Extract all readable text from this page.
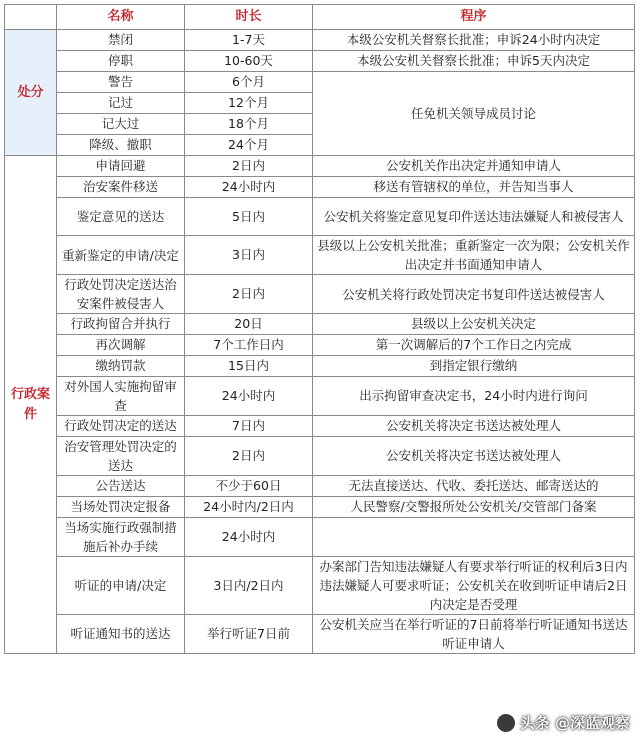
	名称	时长	程序
处分	禁闭	1-7天	本级公安机关督察长批准；申诉24小时内决定
	停职	10-60天	本级公安机关督察长批准；申诉5天内决定
	警告	6个月	任免机关领导成员讨论
	记过	12个月	
	记大过	18个月	
	降级、撤职	24个月	
行政案件	申请回避	2日内	公安机关作出决定并通知申请人
	治安案件移送	24小时内	移送有管辖权的单位，并告知当事人
	鉴定意见的送达	5日内	公安机关将鉴定意见复印件送达违法嫌疑人和被侵害人
	重新鉴定的申请/决定	3日内	县级以上公安机关批准；重新鉴定一次为限；公安机关作出决定并书面通知申请人
	行政处罚决定送达治安案件被侵害人	2日内	公安机关将行政处罚决定书复印件送达被侵害人
	行政拘留合并执行	20日	县级以上公安机关决定
	再次调解	7个工作日内	第一次调解后的7个工作日之内完成
	缴纳罚款	15日内	到指定银行缴纳
	对外国人实施拘留审查	24小时内	出示拘留审查决定书，24小时内进行询问
	行政处罚决定的送达	7日内	公安机关将决定书送达被处理人
	治安管理处罚决定的送达	2日内	公安机关将决定书送达被处理人
	公告送达	不少于60日	无法直接送达、代收、委托送达、邮寄送达的
	当场处罚决定报备	24小时内/2日内	人民警察/交警报所处公安机关/交管部门备案
	当场实施行政强制措施后补办手续	24小时内	
	听证的申请/决定	3日内/2日内	办案部门告知违法嫌疑人有要求举行听证的权利后3日内违法嫌疑人可要求听证；公安机关在收到听证申请后2日内决定是否受理
	听证通知书的送达	举行听证7日前	公安机关应当在举行听证的7日前将举行听证通知书送达听证申请人
头条 @深蓝观察
